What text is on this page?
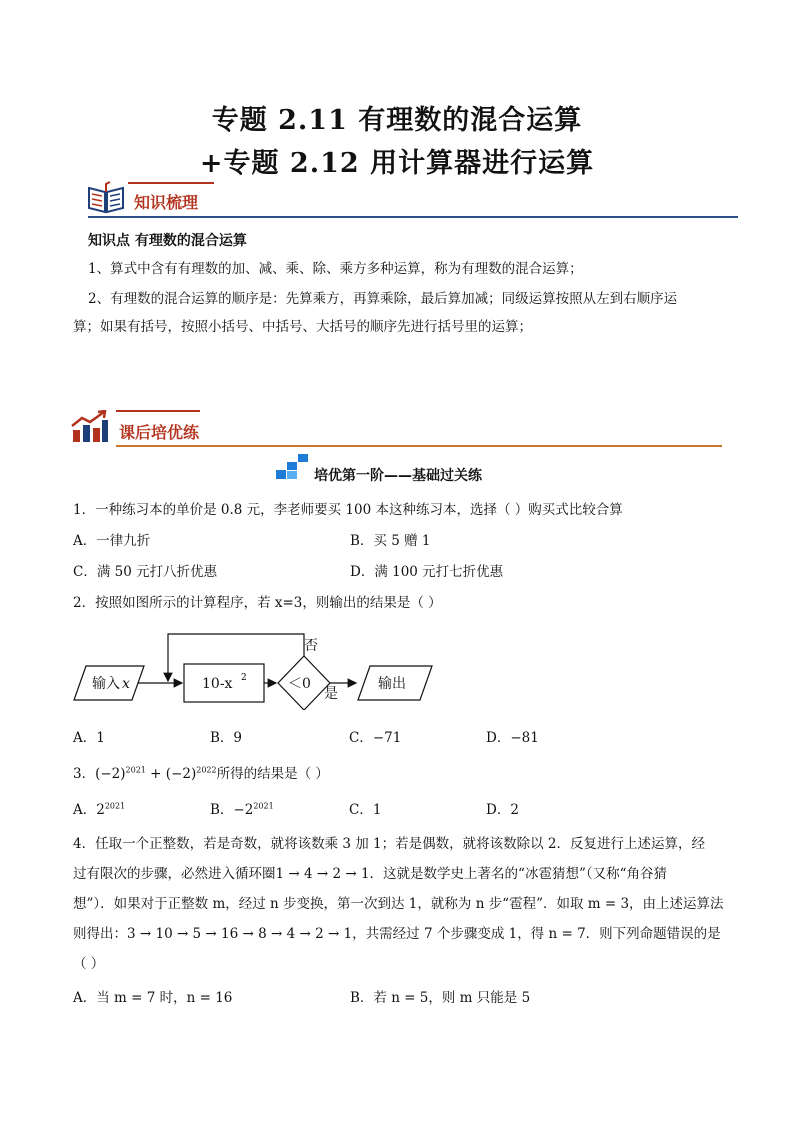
专题 2.11 有理数的混合运算
+专题 2.12 用计算器进行运算
知识梳理
知识点 有理数的混合运算
1、算式中含有有理数的加、减、乘、除、乘方多种运算，称为有理数的混合运算；
2、有理数的混合运算的顺序是：先算乘方，再算乘除，最后算加减；同级运算按照从左到右顺序运
算；如果有括号，按照小括号、中括号、大括号的顺序先进行括号里的运算；
课后培优练
培优第一阶——基础过关练
1．一种练习本的单价是 0.8 元，李老师要买 100 本这种练习本，选择（ ）购买式比较合算
A．一律九折	B．买 5 赠 1
C．满 50 元打八折优惠	D．满 100 元打七折优惠
2．按照如图所示的计算程序，若 x=3，则输出的结果是（ ）
输入 x	10-x 2	＜0
是
输出
否
A．1	B．9	C．−71	D．−81
3．$(-2)^{2021} + (-2)^{2022}$所得的结果是（ ）
A．$2^{2021}$	B．$-2^{2021}$	C．1	D．2
4．任取一个正整数，若是奇数，就将该数乘 3 加 1；若是偶数，就将该数除以 2．反复进行上述运算，经
过有限次的步骤，必然进入循环圈1 → 4 → 2 → 1．这就是数学史上著名的“冰雹猜想”（又称“角谷猜
想”）．如果对于正整数 m，经过 n 步变换，第一次到达 1，就称为 n 步“雹程”．如取 m = 3，由上述运算法
则得出：3 → 10 → 5 → 16 → 8 → 4 → 2 → 1，共需经过 7 个步骤变成 1，得 n = 7．则下列命题错误的是
（ ）
A．当 m = 7 时，n = 16	B．若 n = 5，则 m 只能是 5
